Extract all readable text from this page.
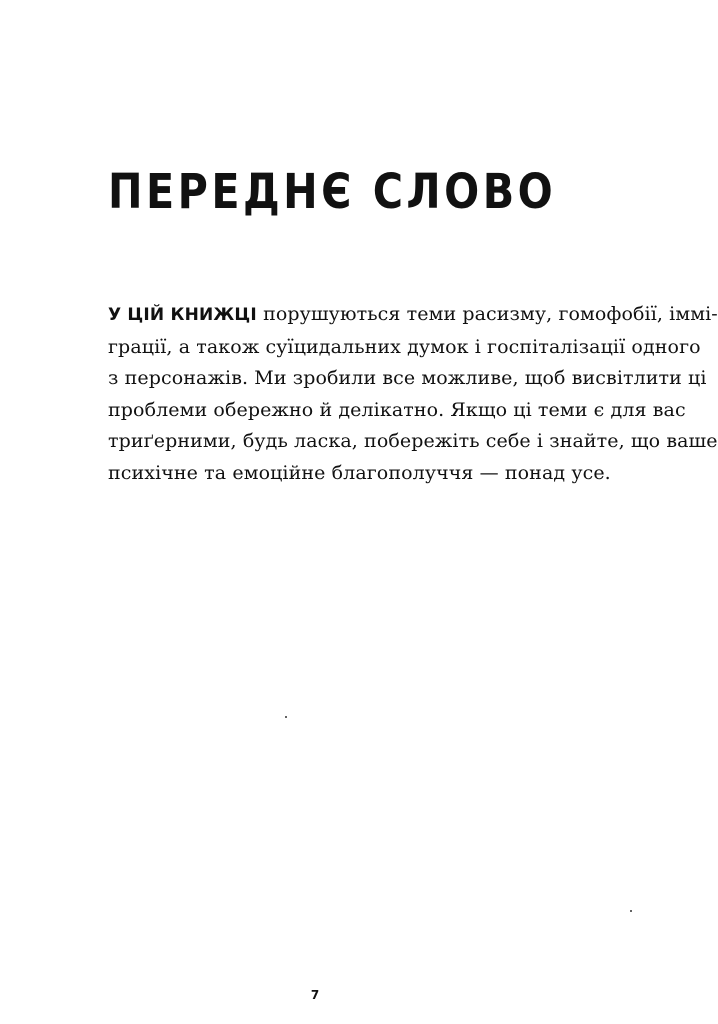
ПЕРЕДНЄ СЛОВО
У ЦІЙ КНИЖЦІ порушуються теми расизму, гомофобії, іммі-
грації, а також суїцидальних думок і госпіталізації одного
з персонажів. Ми зробили все можливе, щоб висвітлити ці
проблеми обережно й делікатно. Якщо ці теми є для вас
триґерними, будь ласка, побережіть себе і знайте, що ваше
психічне та емоційне благополуччя — понад усе.
7
